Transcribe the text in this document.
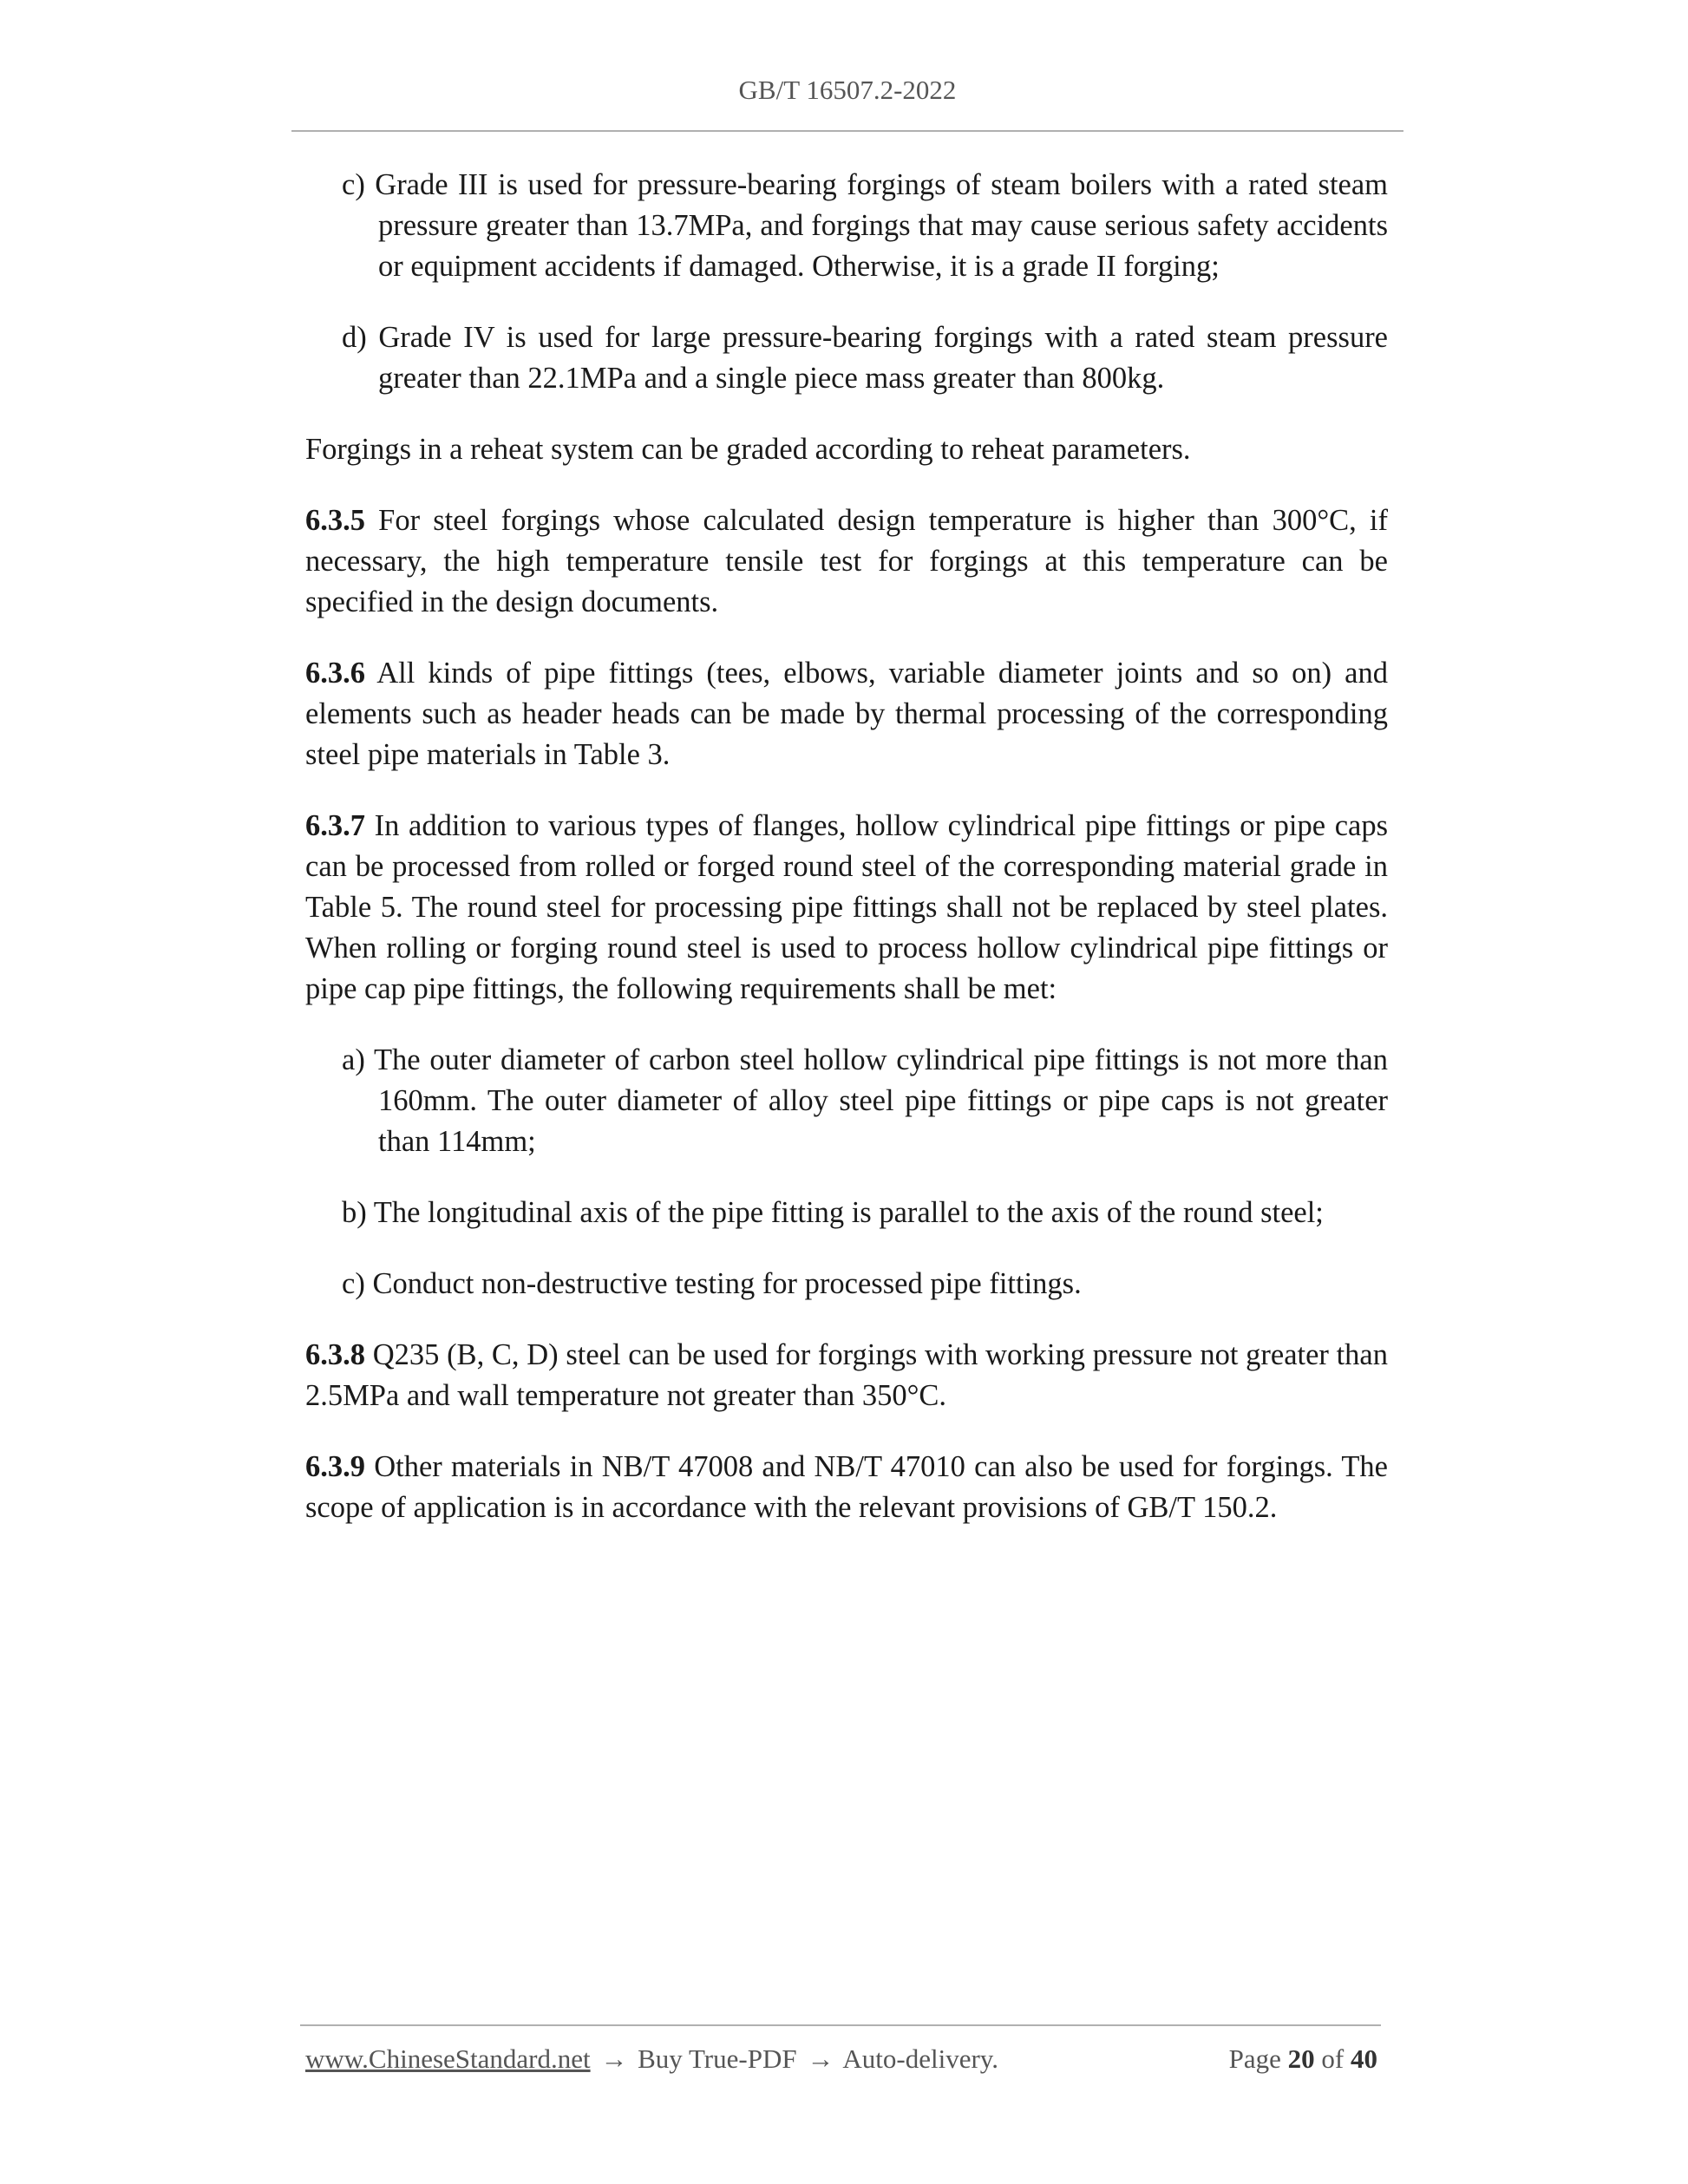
GB/T 16507.2-2022

c) Grade III is used for pressure-bearing forgings of steam boilers with a rated steam pressure greater than 13.7MPa, and forgings that may cause serious safety accidents or equipment accidents if damaged. Otherwise, it is a grade II forging;

d) Grade IV is used for large pressure-bearing forgings with a rated steam pressure greater than 22.1MPa and a single piece mass greater than 800kg.

Forgings in a reheat system can be graded according to reheat parameters.

6.3.5 For steel forgings whose calculated design temperature is higher than 300°C, if necessary, the high temperature tensile test for forgings at this temperature can be specified in the design documents.

6.3.6 All kinds of pipe fittings (tees, elbows, variable diameter joints and so on) and elements such as header heads can be made by thermal processing of the corresponding steel pipe materials in Table 3.

6.3.7 In addition to various types of flanges, hollow cylindrical pipe fittings or pipe caps can be processed from rolled or forged round steel of the corresponding material grade in Table 5. The round steel for processing pipe fittings shall not be replaced by steel plates. When rolling or forging round steel is used to process hollow cylindrical pipe fittings or pipe cap pipe fittings, the following requirements shall be met:

a) The outer diameter of carbon steel hollow cylindrical pipe fittings is not more than 160mm. The outer diameter of alloy steel pipe fittings or pipe caps is not greater than 114mm;

b) The longitudinal axis of the pipe fitting is parallel to the axis of the round steel;

c) Conduct non-destructive testing for processed pipe fittings.

6.3.8 Q235 (B, C, D) steel can be used for forgings with working pressure not greater than 2.5MPa and wall temperature not greater than 350°C.

6.3.9 Other materials in NB/T 47008 and NB/T 47010 can also be used for forgings. The scope of application is in accordance with the relevant provisions of GB/T 150.2.

www.ChineseStandard.net → Buy True-PDF → Auto-delivery.	Page 20 of 40
